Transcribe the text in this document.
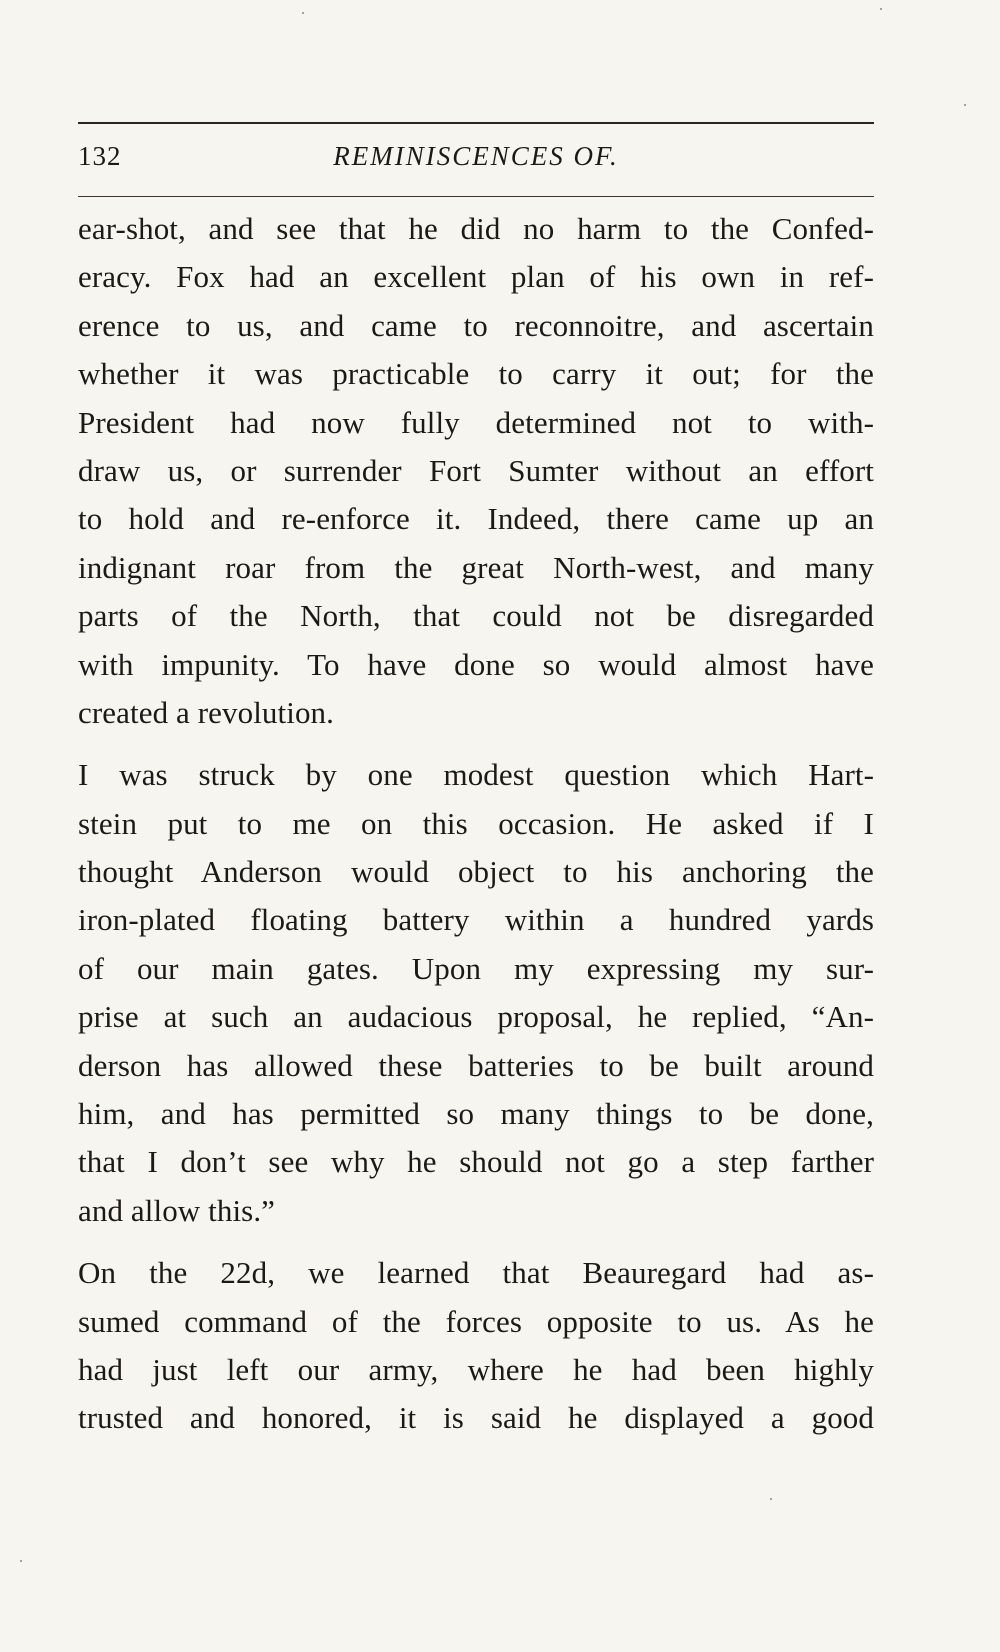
132	REMINISCENCES OF.
ear-shot, and see that he did no harm to the Confed-
eracy. Fox had an excellent plan of his own in ref-
erence to us, and came to reconnoitre, and ascertain
whether it was practicable to carry it out; for the
President had now fully determined not to with-
draw us, or surrender Fort Sumter without an effort
to hold and re-enforce it. Indeed, there came up an
indignant roar from the great North-west, and many
parts of the North, that could not be disregarded
with impunity. To have done so would almost have
created a revolution.
I was struck by one modest question which Hart-
stein put to me on this occasion. He asked if I
thought Anderson would object to his anchoring the
iron-plated floating battery within a hundred yards
of our main gates. Upon my expressing my sur-
prise at such an audacious proposal, he replied, “An-
derson has allowed these batteries to be built around
him, and has permitted so many things to be done,
that I don’t see why he should not go a step farther
and allow this.”
On the 22d, we learned that Beauregard had as-
sumed command of the forces opposite to us. As he
had just left our army, where he had been highly
trusted and honored, it is said he displayed a good
